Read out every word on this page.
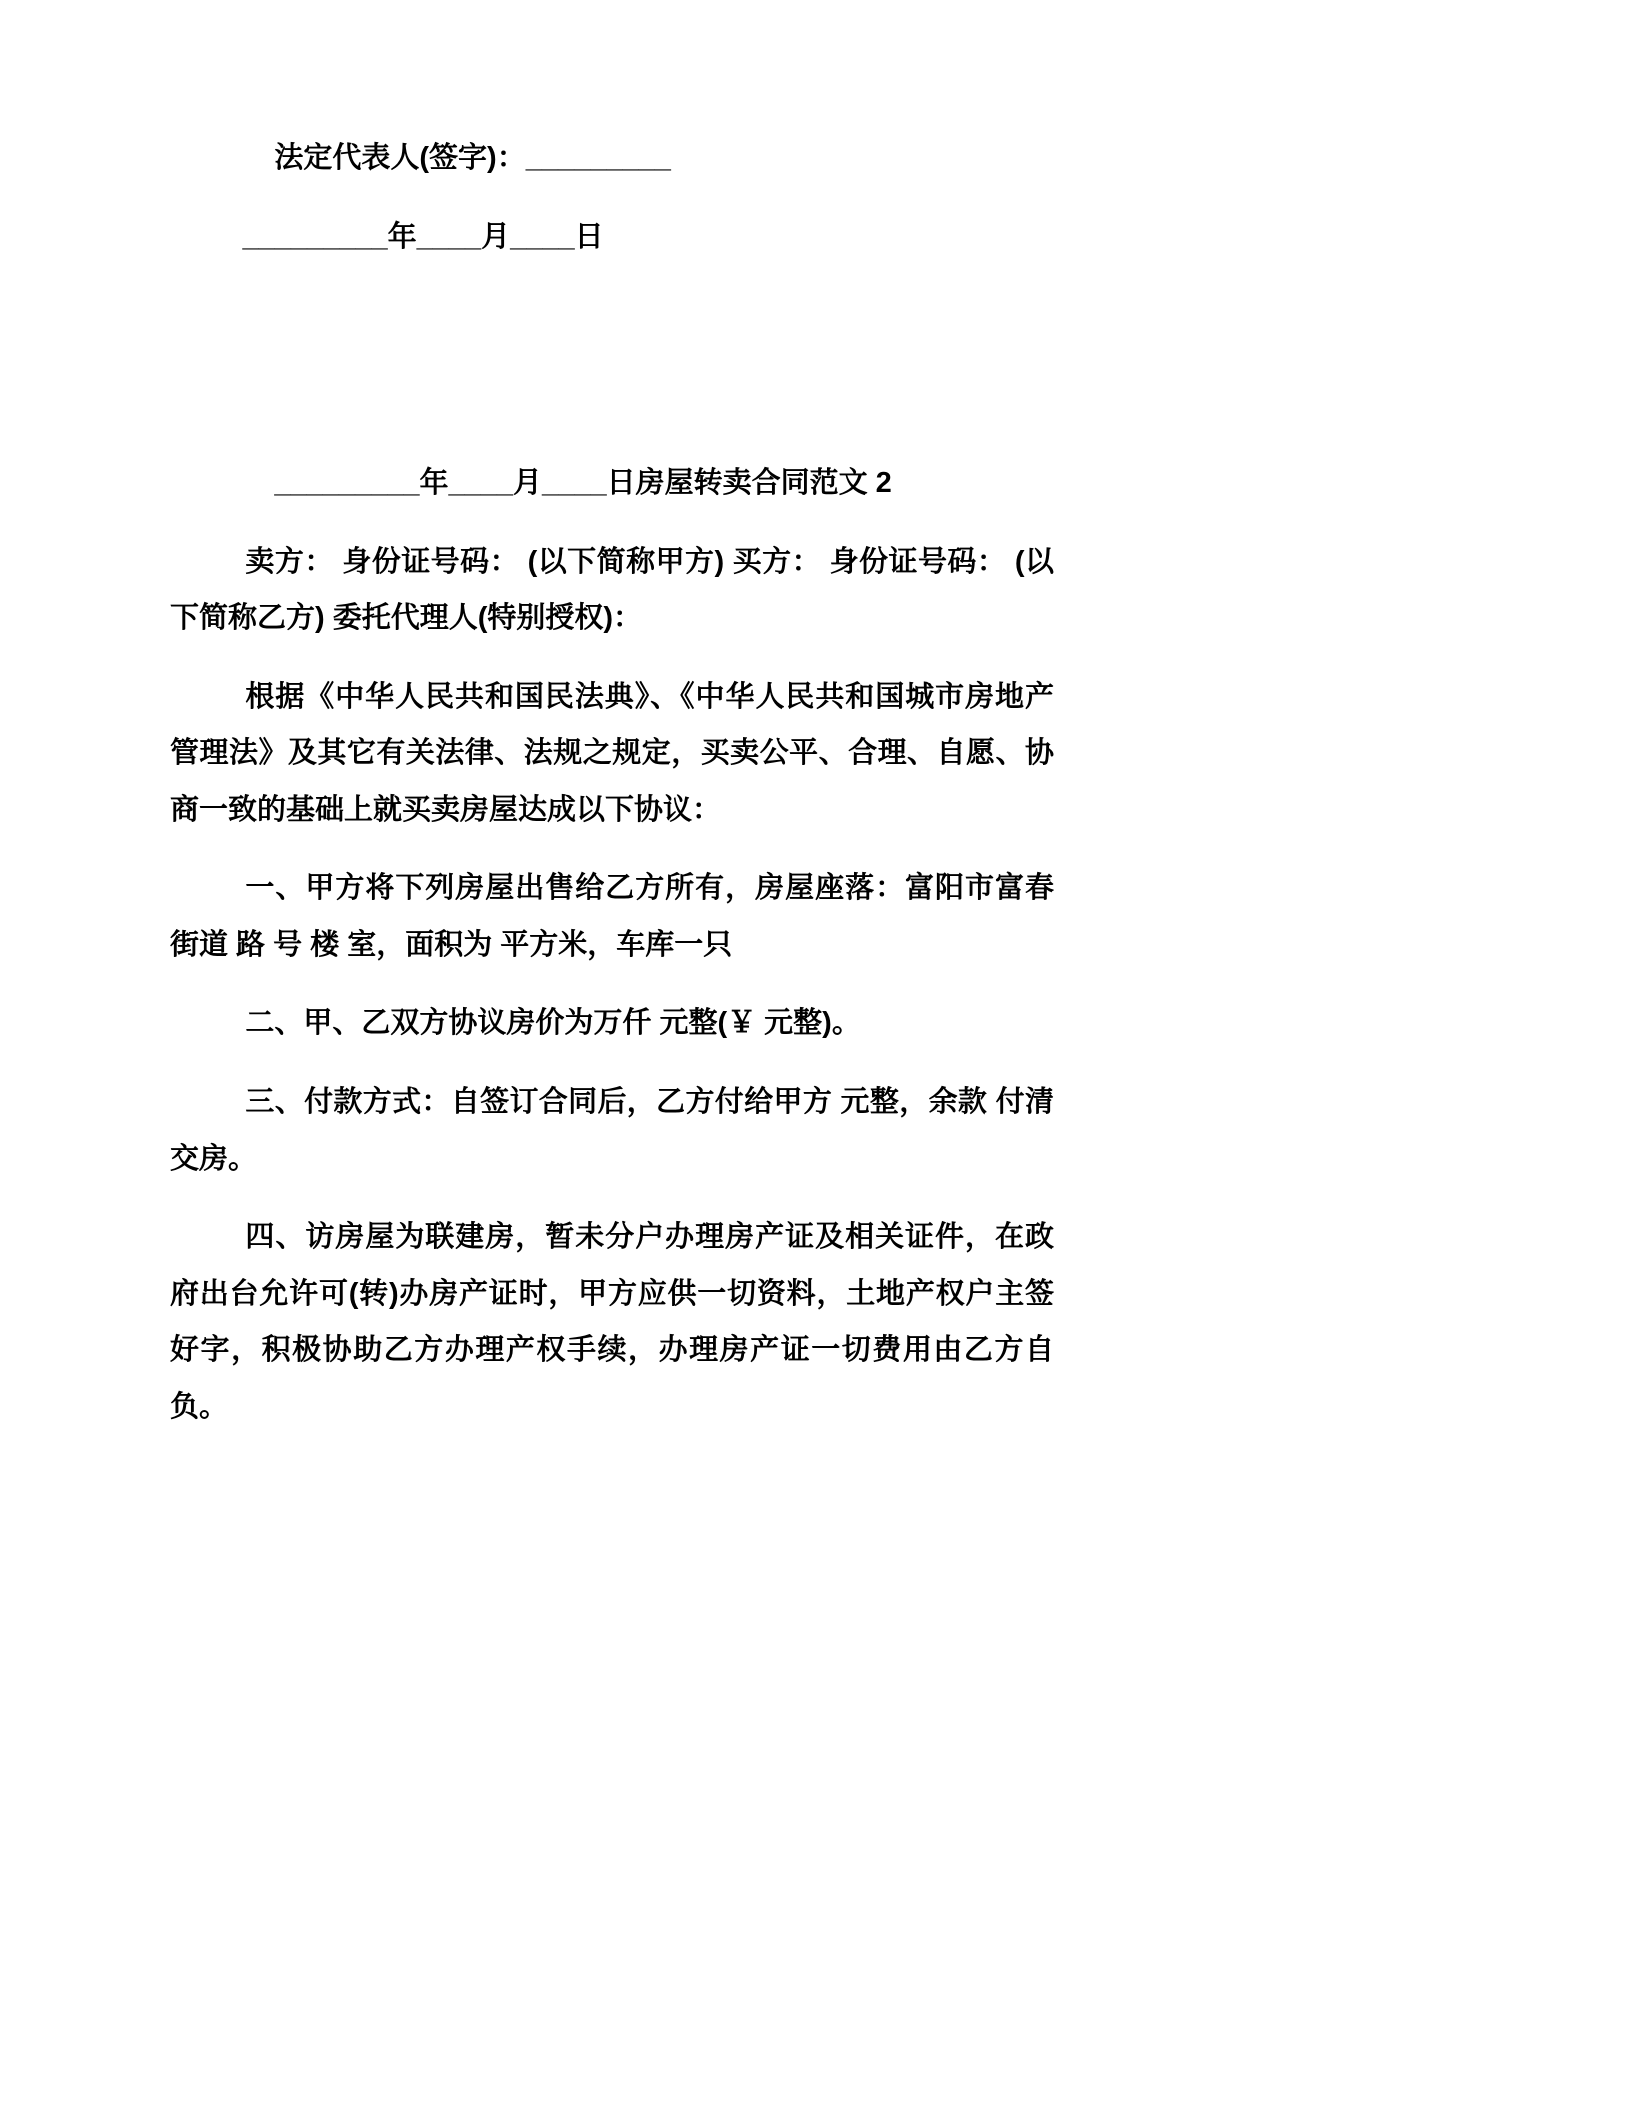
法定代表人(签字)：_________

_________年____月____日

_________年____月____日房屋转卖合同范文 2

卖方： 身份证号码： (以下简称甲方) 买方： 身份证号码： (以下简称乙方) 委托代理人(特别授权)：

根据《中华人民共和国民法典》、《中华人民共和国城市房地产管理法》及其它有关法律、法规之规定，买卖公平、合理、自愿、协商一致的基础上就买卖房屋达成以下协议：

一、甲方将下列房屋出售给乙方所有，房屋座落：富阳市富春街道 路 号 楼 室，面积为 平方米，车库一只

二、甲、乙双方协议房价为万仟 元整(￥ 元整)。

三、付款方式：自签订合同后，乙方付给甲方 元整，余款 付清交房。

四、访房屋为联建房，暂未分户办理房产证及相关证件，在政府出台允许可(转)办房产证时，甲方应供一切资料，土地产权户主签好字，积极协助乙方办理产权手续，办理房产证一切费用由乙方自负。
